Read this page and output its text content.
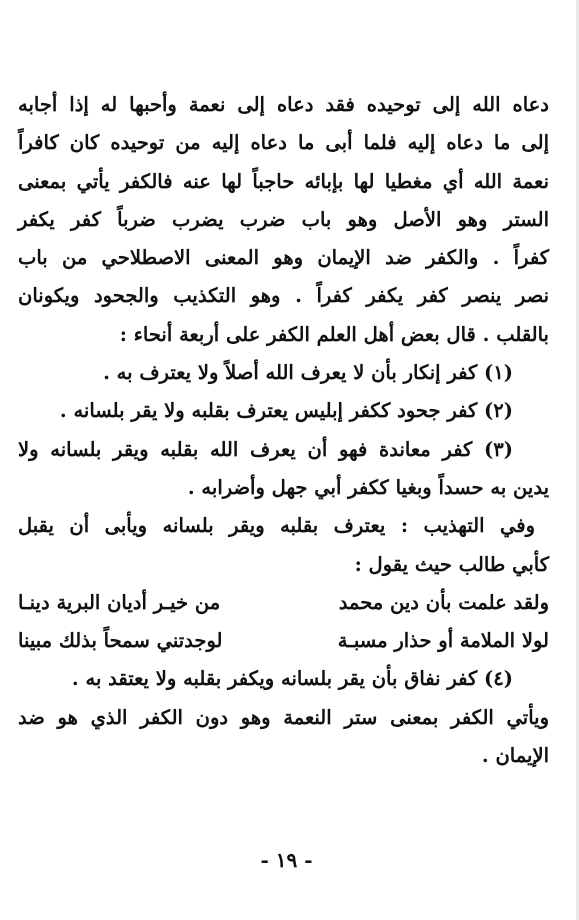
دعاه الله إلى توحيده فقد دعاه إلى نعمة وأحبها له إذا أجابه
إلى ما دعاه إليه فلما أبى ما دعاه إليه من توحيده كان كافراً
نعمة الله أي مغطيا لها بإبائه حاجباً لها عنه فالكفر يأتي بمعنى
الستر وهو الأصل وهو باب ضرب يضرب ضرباً كفر يكفر
كفراً . والكفر ضد الإيمان وهو المعنى الاصطلاحي من باب
نصر ينصر كفر يكفر كفراً . وهو التكذيب والجحود ويكونان
بالقلب . قال بعض أهل العلم الكفر على أربعة أنحاء :
(١) كفر إنكار بأن لا يعرف الله أصلاً ولا يعترف به .
(٢) كفر جحود ككفر إبليس يعترف بقلبه ولا يقر بلسانه .
(٣) كفر معاندة فهو أن يعرف الله بقلبه ويقر بلسانه ولا
يدين به حسداً وبغيا ككفر أبي جهل وأضرابه .
وفي التهذيب : يعترف بقلبه ويقر بلسانه ويأبى أن يقبل
كأبي طالب حيث يقول :
ولقد علمت بأن دين محمد
من خيـر أديان البرية دينـا
لولا الملامة أو حذار مسبـة
لوجدتني سمحاً بذلك مبينا
(٤) كفر نفاق بأن يقر بلسانه ويكفر بقلبه ولا يعتقد به .
ويأتي الكفر بمعنى ستر النعمة وهو دون الكفر الذي هو ضد
الإيمان .
- ١٩ -
